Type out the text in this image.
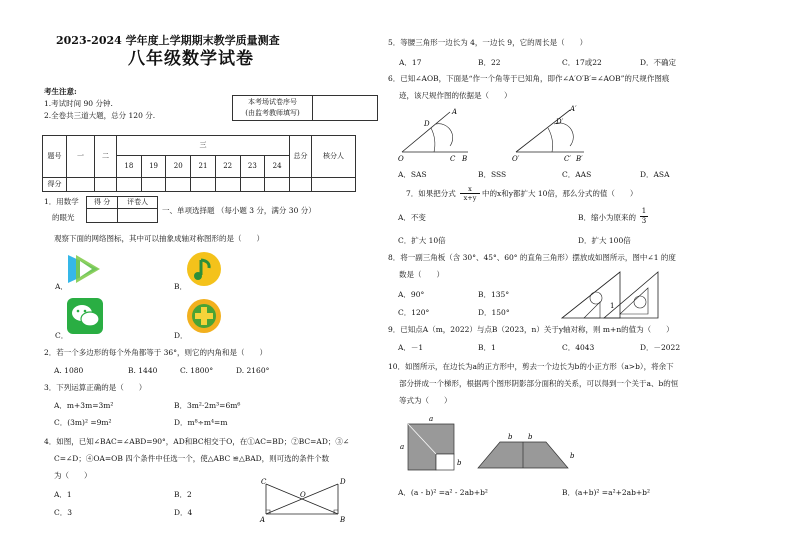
2023-2024 学年度上学期期末教学质量测查
八年级数学试卷
考生注意:
1.考试时间 90 分钟.
2.全卷共三道大题，总分 120 分.
本考场试卷序号
(由监考教师填写)

题号	一	二	三							总分	核分人
			18	19	20	21	22	23	24		
得分											
1．用数学
的眼光
得 分	评卷人

一、单项选择题 （每小题 3 分，满分 30 分）
观察下面的网络图标，其中可以抽象成轴对称图形的是（　　）
A．	B．
C．	D．
2．若一个多边形的每个外角都等于 36°，则它的内角和是（　　）
A. 1080	B. 1440	C. 1800°	D. 2160°
3．下列运算正确的是（　　）
A．m+3m=3m²	B．3m²·2m³=6m⁶
C．(3m)² =9m²	D．m⁸÷m⁴=m
4．如图，已知∠BAC=∠ABD=90°，AD和BC相交于O，在①AC=BD；②BC=AD；③∠
C=∠D；④OA=OB 四个条件中任选一个，使△ABC ≌△BAD，则可选的条件个数
为（　　）
A．1	B．2
C．3	D．4
C	D
O
A	B
5．等腰三角形一边长为 4，一边长 9，它的周长是（　　）
A．17	B．22	C．17或22	D．不确定
6．已知∠AOB，下面是“作一个角等于已知角，即作∠A′O′B′=∠AOB”的尺规作图痕
迹，该尺规作图的依据是（　　）
O
A
D
C B	O′
A′
D′
C′ B′
A．SAS	B．SSS	C．AAS	D．ASA
7．如果把分式	x
x+y 中的x和y都扩大 10倍，那么分式的值（　　）
A．不变	B．缩小为原来的
1
3
C．扩大 10倍	D．扩大 100倍
8．将一副三角板（含 30°、45°、60° 的直角三角形）摆放成如图所示，图中∠1 的度
数是（　　）
1
A．90°	B．135°
C．120°	D．150°
9．已知点A（m，2022）与点B（2023，n）关于y轴对称，则 m+n的值为（　　）
A．－1	B．1	C．4043	D．－2022
10．如图所示，在边长为a的正方形中，剪去一个边长为b的小正方形（a>b），将余下
部分拼成一个梯形，根据两个图形阴影部分面积的关系，可以得到一个关于a、b的恒
等式为（　　）
a
a
b
b b
b
A．(a - b)² =a² - 2ab+b²	B．(a+b)² =a²+2ab+b²
